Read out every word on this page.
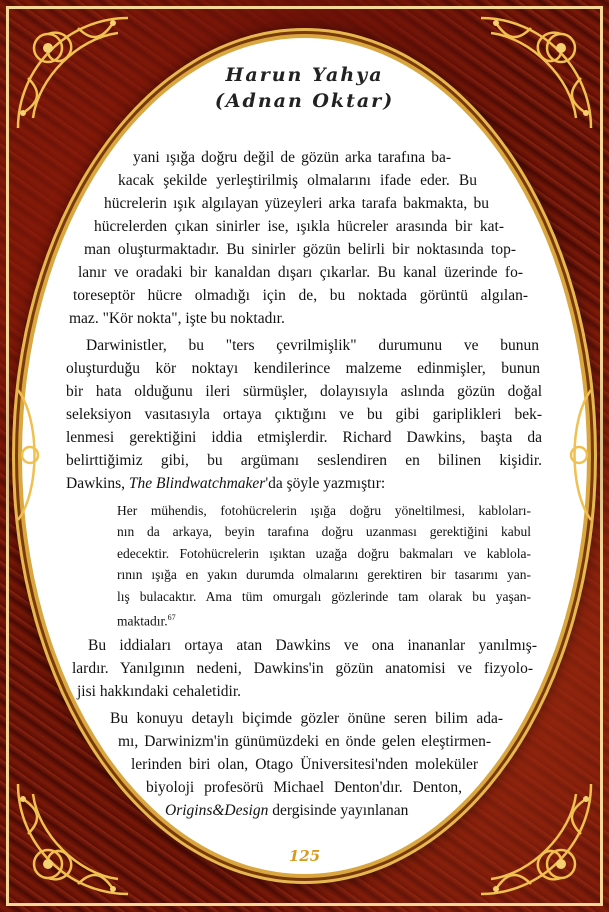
Harun Yahya
(Adnan Oktar)
yani ışığa doğru değil de gözün arka tarafına ba-
kacak şekilde yerleştirilmiş olmalarını ifade eder. Bu
hücrelerin ışık algılayan yüzeyleri arka tarafa bakmakta, bu
hücrelerden çıkan sinirler ise, ışıkla hücreler arasında bir kat-
man oluşturmaktadır. Bu sinirler gözün belirli bir noktasında top-
lanır ve oradaki bir kanaldan dışarı çıkarlar. Bu kanal üzerinde fo-
toreseptör hücre olmadığı için de, bu noktada görüntü algılan-
maz. "Kör nokta", işte bu noktadır.
Darwinistler, bu "ters çevrilmişlik" durumunu ve bunun
oluşturduğu kör noktayı kendilerince malzeme edinmişler, bunun
bir hata olduğunu ileri sürmüşler, dolayısıyla aslında gözün doğal
seleksiyon vasıtasıyla ortaya çıktığını ve bu gibi gariplikleri bek-
lenmesi gerektiğini iddia etmişlerdir. Richard Dawkins, başta da
belirttiğimiz gibi, bu argümanı seslendiren en bilinen kişidir.
Dawkins, The Blindwatchmaker'da şöyle yazmıştır:
Her mühendis, fotohücrelerin ışığa doğru yöneltilmesi, kabloları-
nın da arkaya, beyin tarafına doğru uzanması gerektiğini kabul
edecektir. Fotohücrelerin ışıktan uzağa doğru bakmaları ve kablola-
rının ışığa en yakın durumda olmalarını gerektiren bir tasarımı yan-
lış bulacaktır. Ama tüm omurgalı gözlerinde tam olarak bu yaşan-
maktadır.$^{67}$
Bu iddiaları ortaya atan Dawkins ve ona inananlar yanılmış-
lardır. Yanılgının nedeni, Dawkins'in gözün anatomisi ve fizyolo-
jisi hakkındaki cehaletidir.
Bu konuyu detaylı biçimde gözler önüne seren bilim ada-
mı, Darwinizm'in günümüzdeki en önde gelen eleştirmen-
lerinden biri olan, Otago Üniversitesi'nden moleküler
biyoloji profesörü Michael Denton'dır. Denton,
Origins&Design dergisinde yayınlanan
125
